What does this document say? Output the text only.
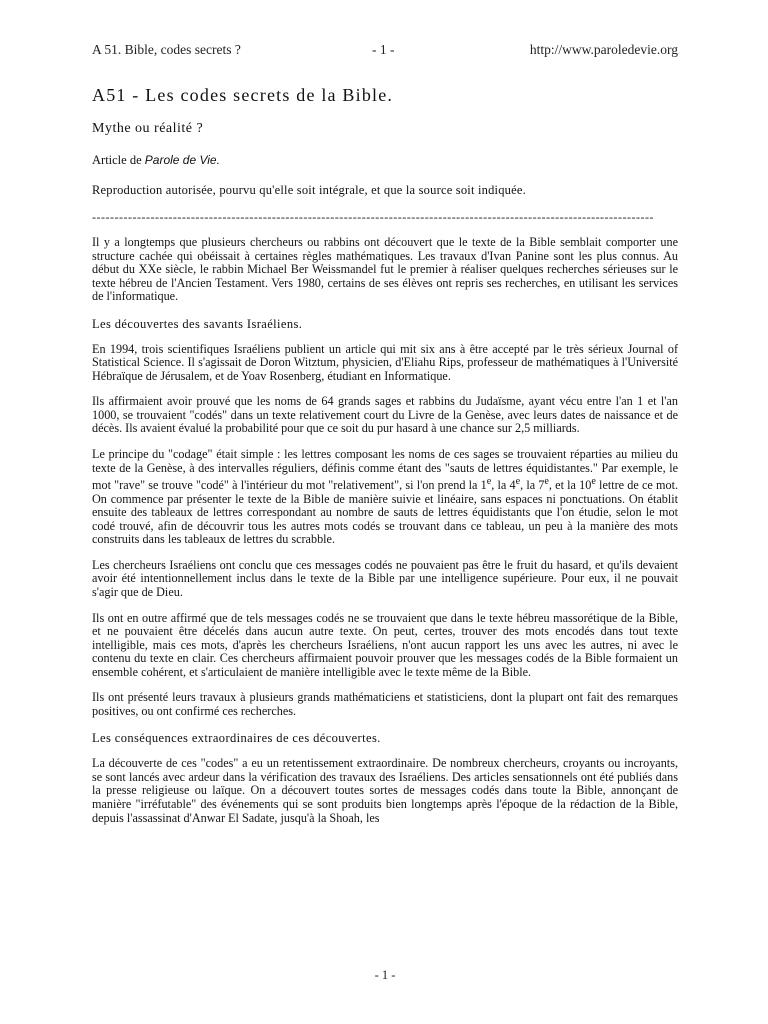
A 51. Bible, codes secrets ?	- 1 -	http://www.paroledevie.org
A51 - Les codes secrets de la Bible.
Mythe ou réalité ?
Article de Parole de Vie.
Reproduction autorisée, pourvu qu'elle soit intégrale, et que la source soit indiquée.
-----------------------------------------------------------------------------------------------------------------------------

Il y a longtemps que plusieurs chercheurs ou rabbins ont découvert que le texte de la Bible semblait comporter une structure cachée qui obéissait à certaines règles mathématiques. Les travaux d'Ivan Panine sont les plus connus. Au début du XXe siècle, le rabbin Michael Ber Weissmandel fut le premier à réaliser quelques recherches sérieuses sur le texte hébreu de l'Ancien Testament. Vers 1980, certains de ses élèves ont repris ses recherches, en utilisant les services de l'informatique.

Les découvertes des savants Israéliens.

En 1994, trois scientifiques Israéliens publient un article qui mit six ans à être accepté par le très sérieux Journal of Statistical Science. Il s'agissait de Doron Witztum, physicien, d'Eliahu Rips, professeur de mathématiques à l'Université Hébraïque de Jérusalem, et de Yoav Rosenberg, étudiant en Informatique.

Ils affirmaient avoir prouvé que les noms de 64 grands sages et rabbins du Judaïsme, ayant vécu entre l'an 1 et l'an 1000, se trouvaient "codés" dans un texte relativement court du Livre de la Genèse, avec leurs dates de naissance et de décès. Ils avaient évalué la probabilité pour que ce soit du pur hasard à une chance sur 2,5 milliards.

Le principe du "codage" était simple : les lettres composant les noms de ces sages se trouvaient réparties au milieu du texte de la Genèse, à des intervalles réguliers, définis comme étant des "sauts de lettres équidistantes." Par exemple, le mot "rave" se trouve "codé" à l'intérieur du mot "relativement", si l'on prend la 1e, la 4e, la 7e, et la 10e lettre de ce mot. On commence par présenter le texte de la Bible de manière suivie et linéaire, sans espaces ni ponctuations. On établit ensuite des tableaux de lettres correspondant au nombre de sauts de lettres équidistants que l'on étudie, selon le mot codé trouvé, afin de découvrir tous les autres mots codés se trouvant dans ce tableau, un peu à la manière des mots construits dans les tableaux de lettres du scrabble.

Les chercheurs Israéliens ont conclu que ces messages codés ne pouvaient pas être le fruit du hasard, et qu'ils devaient avoir été intentionnellement inclus dans le texte de la Bible par une intelligence supérieure. Pour eux, il ne pouvait s'agir que de Dieu.

Ils ont en outre affirmé que de tels messages codés ne se trouvaient que dans le texte hébreu massorétique de la Bible, et ne pouvaient être décelés dans aucun autre texte. On peut, certes, trouver des mots encodés dans tout texte intelligible, mais ces mots, d'après les chercheurs Israéliens, n'ont aucun rapport les uns avec les autres, ni avec le contenu du texte en clair. Ces chercheurs affirmaient pouvoir prouver que les messages codés de la Bible formaient un ensemble cohérent, et s'articulaient de manière intelligible avec le texte même de la Bible.

Ils ont présenté leurs travaux à plusieurs grands mathématiciens et statisticiens, dont la plupart ont fait des remarques positives, ou ont confirmé ces recherches.

Les conséquences extraordinaires de ces découvertes.

La découverte de ces "codes" a eu un retentissement extraordinaire. De nombreux chercheurs, croyants ou incroyants, se sont lancés avec ardeur dans la vérification des travaux des Israéliens. Des articles sensationnels ont été publiés dans la presse religieuse ou laïque. On a découvert toutes sortes de messages codés dans toute la Bible, annonçant de manière "irréfutable" des événements qui se sont produits bien longtemps après l'époque de la rédaction de la Bible, depuis l'assassinat d'Anwar El Sadate, jusqu'à la Shoah, les

- 1 -
